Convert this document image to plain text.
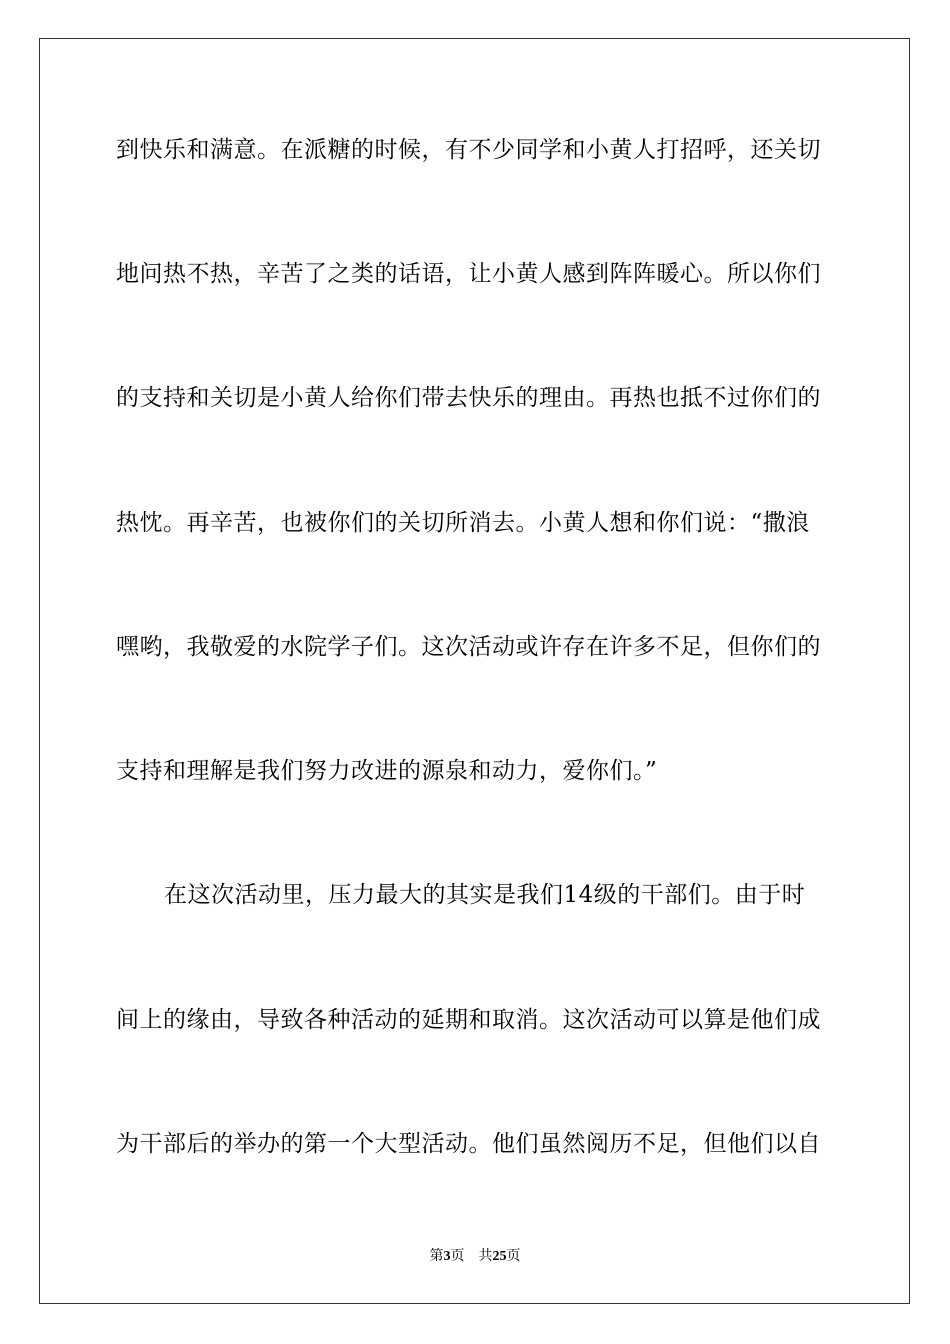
到快乐和满意。在派糖的时候，有不少同学和小黄人打招呼，还关切
地问热不热，辛苦了之类的话语，让小黄人感到阵阵暖心。所以你们
的支持和关切是小黄人给你们带去快乐的理由。再热也抵不过你们的
热忱。再辛苦，也被你们的关切所消去。小黄人想和你们说：“撒浪
嘿哟，我敬爱的水院学子们。这次活动或许存在许多不足，但你们的
支持和理解是我们努力改进的源泉和动力，爱你们。”
在这次活动里，压力最大的其实是我们14级的干部们。由于时
间上的缘由，导致各种活动的延期和取消。这次活动可以算是他们成
为干部后的举办的第一个大型活动。他们虽然阅历不足，但他们以自
第3页 共25页
